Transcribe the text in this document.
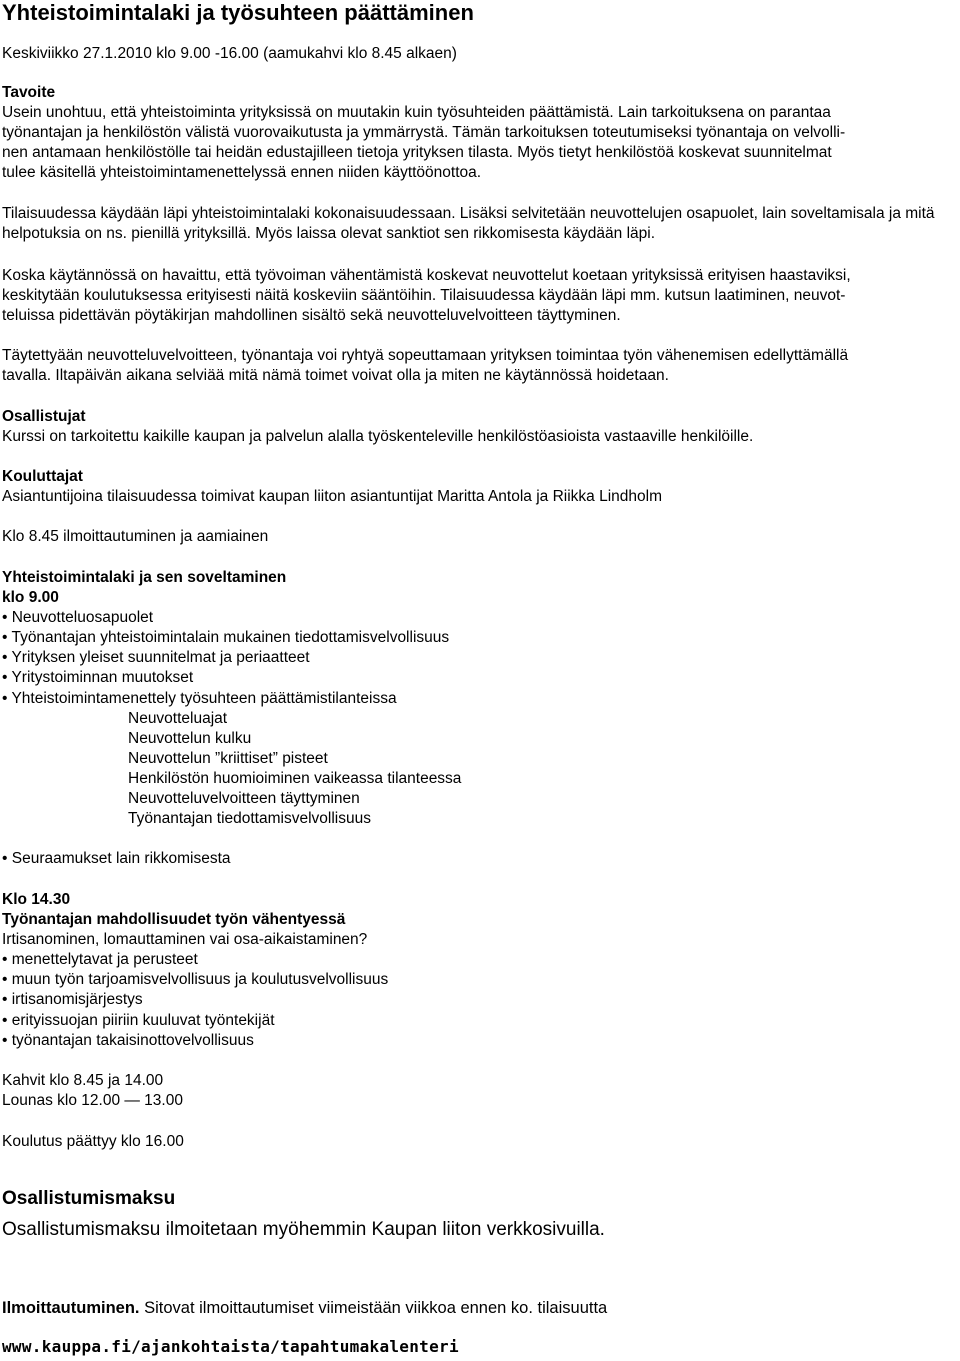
Yhteistoimintalaki ja työsuhteen päättäminen
Keskiviikko 27.1.2010 klo 9.00 -16.00 (aamukahvi klo 8.45 alkaen)
Tavoite
Usein unohtuu, että yhteistoiminta yrityksissä on muutakin kuin työsuhteiden päättämistä. Lain tarkoituksena on parantaa
työnantajan ja henkilöstön välistä vuorovaikutusta ja ymmärrystä. Tämän tarkoituksen toteutumiseksi työnantaja on velvolli-
nen antamaan henkilöstölle tai heidän edustajilleen tietoja yrityksen tilasta. Myös tietyt henkilöstöä koskevat suunnitelmat
tulee käsitellä yhteistoimintamenettelyssä ennen niiden käyttöönottoa.
Tilaisuudessa käydään läpi yhteistoimintalaki kokonaisuudessaan. Lisäksi selvitetään neuvottelujen osapuolet, lain soveltamisala ja mitä helpotuksia on ns. pienillä yrityksillä. Myös laissa olevat sanktiot sen rikkomisesta käydään läpi.
Koska käytännössä on havaittu, että työvoiman vähentämistä koskevat neuvottelut koetaan yrityksissä erityisen haastaviksi,
keskitytään koulutuksessa erityisesti näitä koskeviin sääntöihin. Tilaisuudessa käydään läpi mm. kutsun laatiminen, neuvot-
teluissa pidettävän pöytäkirjan mahdollinen sisältö sekä neuvotteluvelvoitteen täyttyminen.
Täytettyään neuvotteluvelvoitteen, työnantaja voi ryhtyä sopeuttamaan yrityksen toimintaa työn vähenemisen edellyttämällä
tavalla. Iltapäivän aikana selviää mitä nämä toimet voivat olla ja miten ne käytännössä hoidetaan.
Osallistujat
Kurssi on tarkoitettu kaikille kaupan ja palvelun alalla työskenteleville henkilöstöasioista vastaaville henkilöille.
Kouluttajat
Asiantuntijoina tilaisuudessa toimivat kaupan liiton asiantuntijat Maritta Antola ja Riikka Lindholm
Klo 8.45 ilmoittautuminen ja aamiainen
Yhteistoimintalaki ja sen soveltaminen
klo 9.00
• Neuvotteluosapuolet
• Työnantajan yhteistoimintalain mukainen tiedottamisvelvollisuus
• Yrityksen yleiset suunnitelmat ja periaatteet
• Yritystoiminnan muutokset
• Yhteistoimintamenettely työsuhteen päättämistilanteissa
Neuvotteluajat
Neuvottelun kulku
Neuvottelun ”kriittiset” pisteet
Henkilöstön huomioiminen vaikeassa tilanteessa
Neuvotteluvelvoitteen täyttyminen
Työnantajan tiedottamisvelvollisuus
• Seuraamukset lain rikkomisesta
Klo 14.30
Työnantajan mahdollisuudet työn vähentyessä
Irtisanominen, lomauttaminen vai osa-aikaistaminen?
• menettelytavat ja perusteet
• muun työn tarjoamisvelvollisuus ja koulutusvelvollisuus
• irtisanomisjärjestys
• erityissuojan piiriin kuuluvat työntekijät
• työnantajan takaisinottovelvollisuus
Kahvit klo 8.45 ja 14.00
Lounas klo 12.00 — 13.00
Koulutus päättyy klo 16.00
Osallistumismaksu
Osallistumismaksu ilmoitetaan myöhemmin Kaupan liiton verkkosivuilla.
Ilmoittautuminen. Sitovat ilmoittautumiset viimeistään viikkoa ennen ko. tilaisuutta
www.kauppa.fi/ajankohtaista/tapahtumakalenteri
